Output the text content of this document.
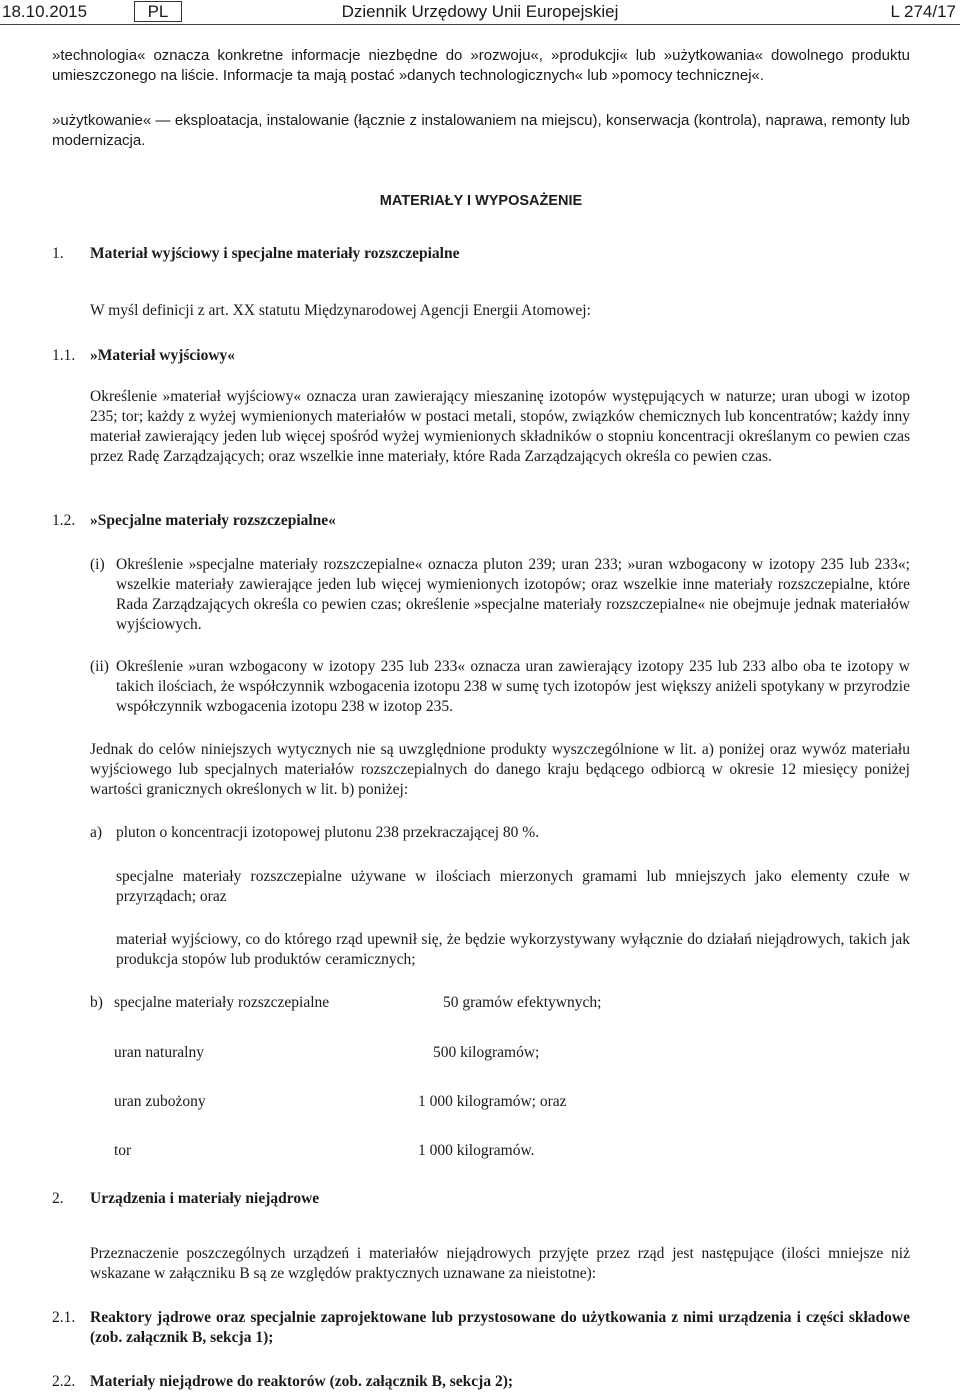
18.10.2015	PL	Dziennik Urzędowy Unii Europejskiej	L 274/17
»technologia« oznacza konkretne informacje niezbędne do »rozwoju«, »produkcji« lub »użytkowania« dowolnego produktu umieszczonego na liście. Informacje ta mają postać »danych technologicznych« lub »pomocy technicznej«.
»użytkowanie« — eksploatacja, instalowanie (łącznie z instalowaniem na miejscu), konserwacja (kontrola), naprawa, remonty lub modernizacja.
MATERIAŁY I WYPOSAŻENIE
1. Materiał wyjściowy i specjalne materiały rozszczepialne
W myśl definicji z art. XX statutu Międzynarodowej Agencji Energii Atomowej:
1.1. »Materiał wyjściowy«
Określenie »materiał wyjściowy« oznacza uran zawierający mieszaninę izotopów występujących w naturze; uran ubogi w izotop 235; tor; każdy z wyżej wymienionych materiałów w postaci metali, stopów, związków chemicznych lub koncentratów; każdy inny materiał zawierający jeden lub więcej spośród wyżej wymienionych składników o stopniu koncentracji określanym co pewien czas przez Radę Zarządzających; oraz wszelkie inne materiały, które Rada Zarządzających określa co pewien czas.
1.2. »Specjalne materiały rozszczepialne«
(i) Określenie »specjalne materiały rozszczepialne« oznacza pluton 239; uran 233; »uran wzbogacony w izotopy 235 lub 233«; wszelkie materiały zawierające jeden lub więcej wymienionych izotopów; oraz wszelkie inne materiały rozszczepialne, które Rada Zarządzających określa co pewien czas; określenie »specjalne materiały rozszczepialne« nie obejmuje jednak materiałów wyjściowych.
(ii) Określenie »uran wzbogacony w izotopy 235 lub 233« oznacza uran zawierający izotopy 235 lub 233 albo oba te izotopy w takich ilościach, że współczynnik wzbogacenia izotopu 238 w sumę tych izotopów jest większy aniżeli spotykany w przyrodzie współczynnik wzbogacenia izotopu 238 w izotop 235.
Jednak do celów niniejszych wytycznych nie są uwzględnione produkty wyszczególnione w lit. a) poniżej oraz wywóz materiału wyjściowego lub specjalnych materiałów rozszczepialnych do danego kraju będącego odbiorcą w okresie 12 miesięcy poniżej wartości granicznych określonych w lit. b) poniżej:
a) pluton o koncentracji izotopowej plutonu 238 przekraczającej 80 %.
specjalne materiały rozszczepialne używane w ilościach mierzonych gramami lub mniejszych jako elementy czułe w przyrządach; oraz
materiał wyjściowy, co do którego rząd upewnił się, że będzie wykorzystywany wyłącznie do działań niejądrowych, takich jak produkcja stopów lub produktów ceramicznych;
b) specjalne materiały rozszczepialne	50 gramów efektywnych;
uran naturalny	500 kilogramów;
uran zubożony	1 000 kilogramów; oraz
tor	1 000 kilogramów.
2. Urządzenia i materiały niejądrowe
Przeznaczenie poszczególnych urządzeń i materiałów niejądrowych przyjęte przez rząd jest następujące (ilości mniejsze niż wskazane w załączniku B są ze względów praktycznych uznawane za nieistotne):
2.1. Reaktory jądrowe oraz specjalnie zaprojektowane lub przystosowane do użytkowania z nimi urządzenia i części składowe (zob. załącznik B, sekcja 1);
2.2. Materiały niejądrowe do reaktorów (zob. załącznik B, sekcja 2);
